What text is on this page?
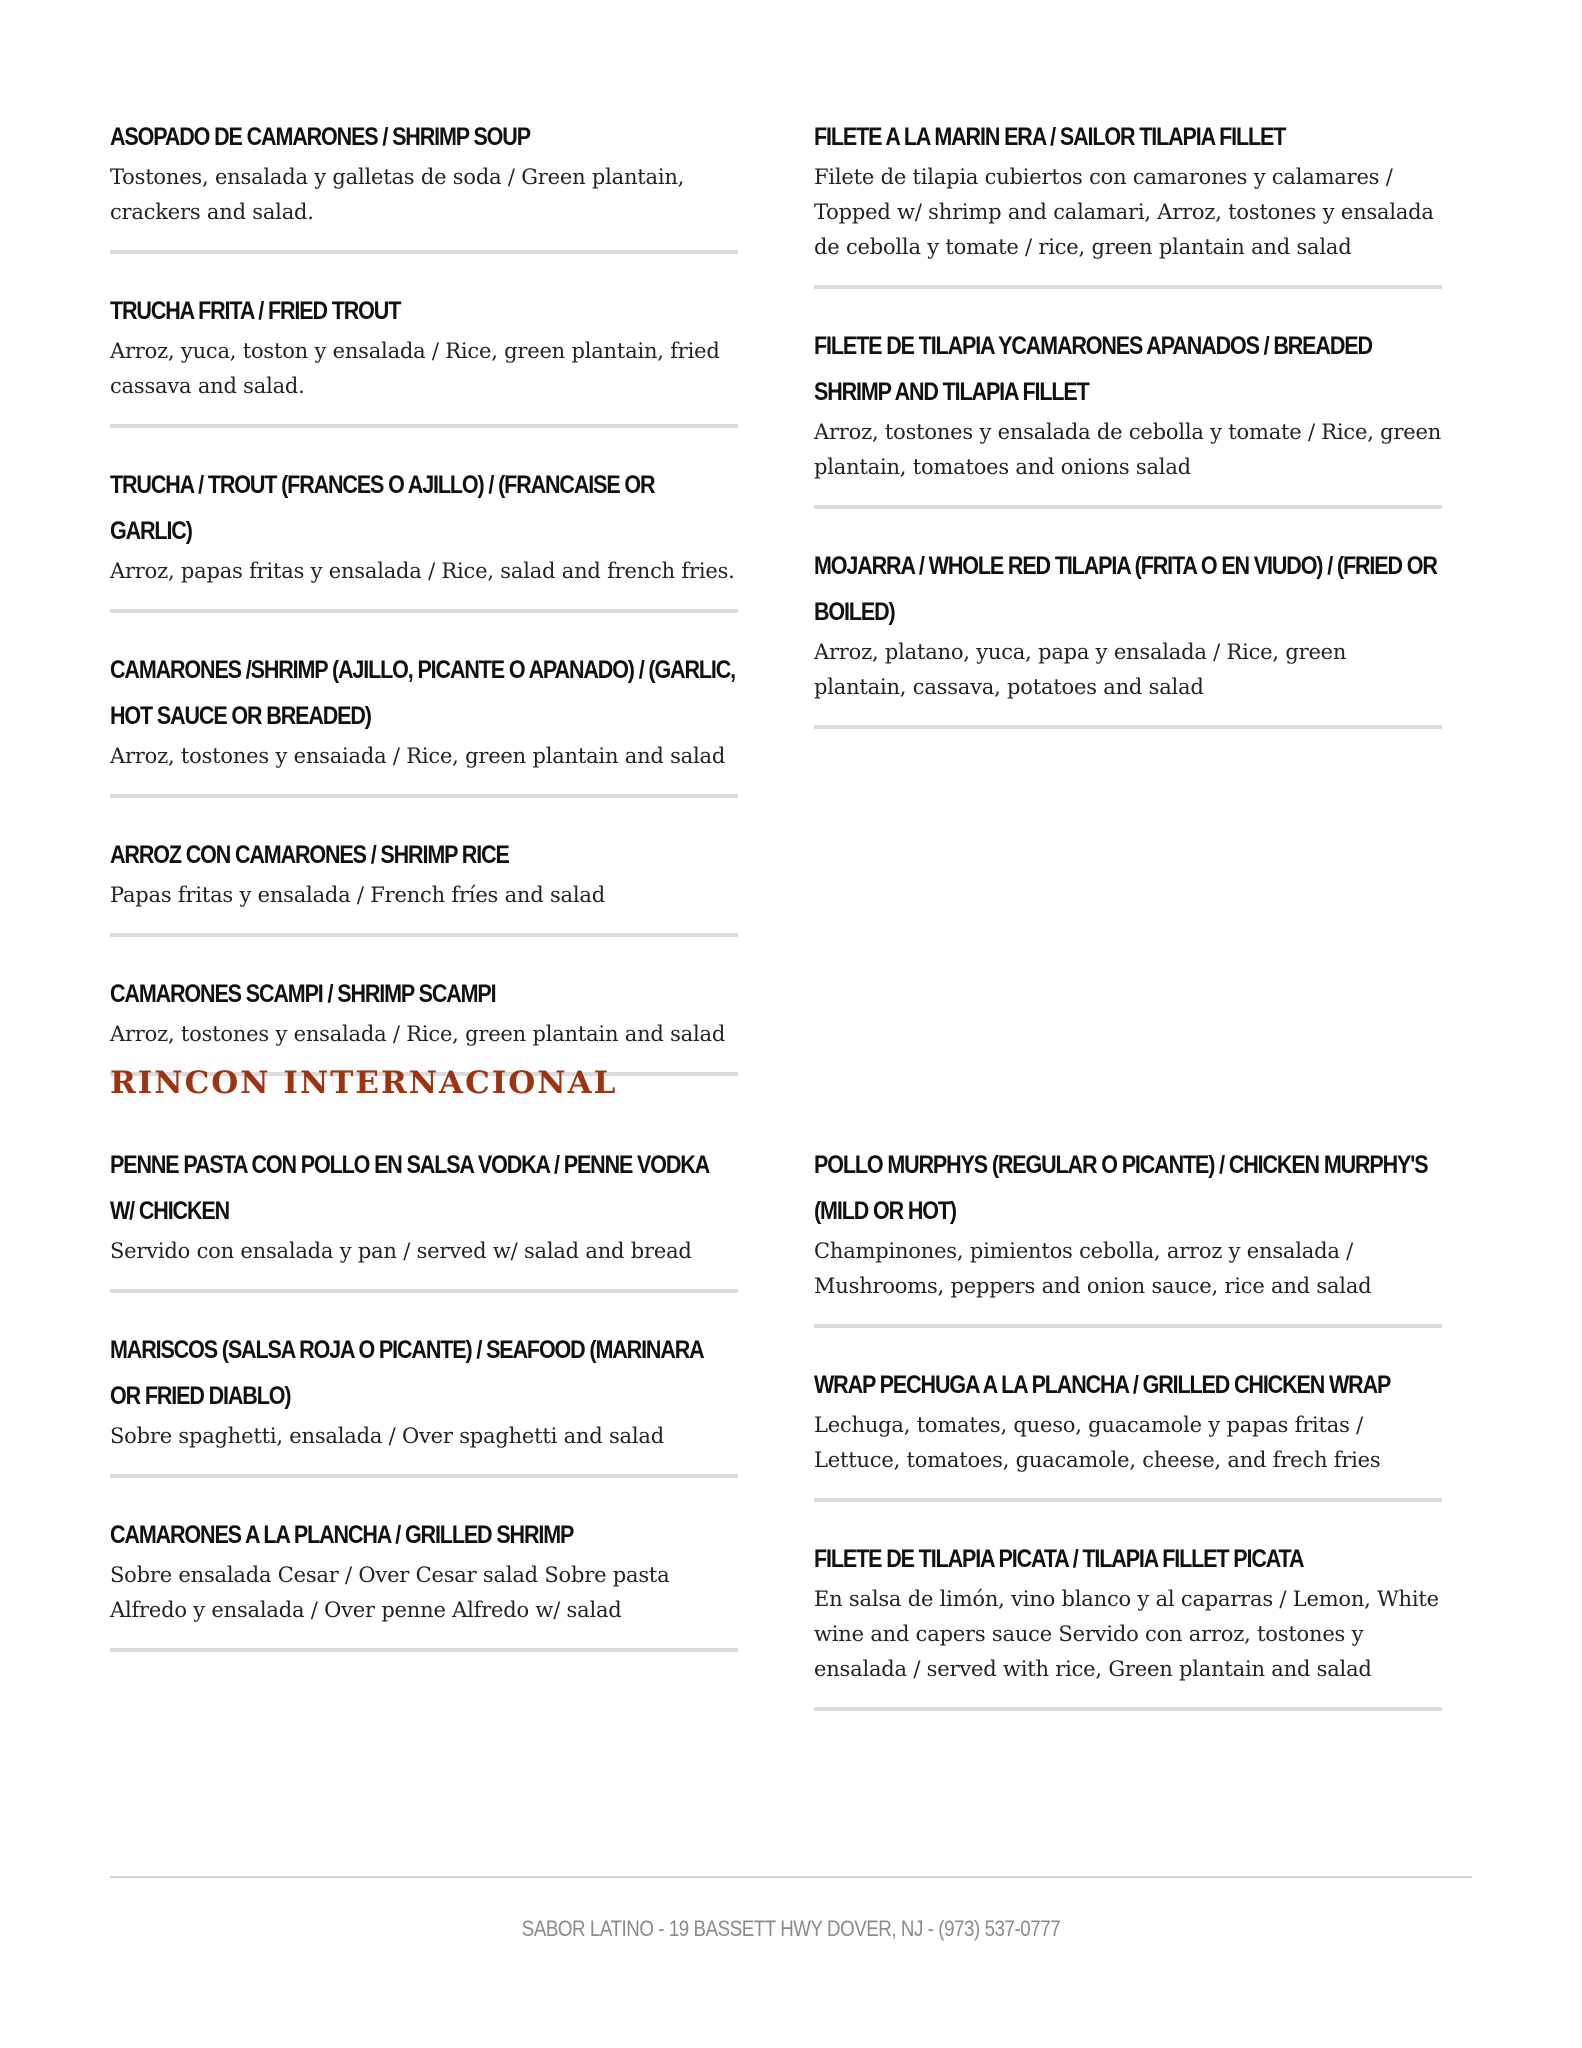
ASOPADO DE CAMARONES / SHRIMP SOUP

Tostones, ensalada y galletas de soda / Green plantain, crackers and salad.

TRUCHA FRITA / FRIED TROUT

Arroz, yuca, toston y ensalada / Rice, green plantain, fried cassava and salad.

TRUCHA / TROUT (FRANCES O AJILLO) / (FRANCAISE OR GARLIC)

Arroz, papas fritas y ensalada / Rice, salad and french fries.

CAMARONES /SHRIMP (AJILLO, PICANTE O APANADO) / (GARLIC, HOT SAUCE OR BREADED)

Arroz, tostones y ensaiada / Rice, green plantain and salad

ARROZ CON CAMARONES / SHRIMP RICE

Papas fritas y ensalada / French fríes and salad

CAMARONES SCAMPI / SHRIMP SCAMPI

Arroz, tostones y ensalada / Rice, green plantain and salad

FILETE A LA MARIN ERA / SAILOR TILAPIA FILLET

Filete de tilapia cubiertos con camarones y calamares / Topped w/ shrimp and calamari, Arroz, tostones y ensalada de cebolla y tomate / rice, green plantain and salad

FILETE DE TILAPIA YCAMARONES APANADOS / BREADED SHRIMP AND TILAPIA FILLET

Arroz, tostones y ensalada de cebolla y tomate / Rice, green plantain, tomatoes and onions salad

MOJARRA / WHOLE RED TILAPIA (FRITA O EN VIUDO) / (FRIED OR BOILED)

Arroz, platano, yuca, papa y ensalada / Rice, green plantain, cassava, potatoes and salad

RINCON INTERNACIONAL

PENNE PASTA CON POLLO EN SALSA VODKA / PENNE VODKA W/ CHICKEN

Servido con ensalada y pan / served w/ salad and bread

MARISCOS (SALSA ROJA O PICANTE) / SEAFOOD (MARINARA OR FRIED DIABLO)

Sobre spaghetti, ensalada / Over spaghetti and salad

CAMARONES A LA PLANCHA / GRILLED SHRIMP

Sobre ensalada Cesar / Over Cesar salad Sobre pasta Alfredo y ensalada / Over penne Alfredo w/ salad

POLLO MURPHYS (REGULAR O PICANTE) / CHICKEN MURPHY'S (MILD OR HOT)

Champinones, pimientos cebolla, arroz y ensalada / Mushrooms, peppers and onion sauce, rice and salad

WRAP PECHUGA A LA PLANCHA / GRILLED CHICKEN WRAP

Lechuga, tomates, queso, guacamole y papas fritas / Lettuce, tomatoes, guacamole, cheese, and frech fries

FILETE DE TILAPIA PICATA / TILAPIA FILLET PICATA

En salsa de limón, vino blanco y al caparras / Lemon, White wine and capers sauce Servido con arroz, tostones y ensalada / served with rice, Green plantain and salad

SABOR LATINO - 19 BASSETT HWY DOVER, NJ - (973) 537-0777
